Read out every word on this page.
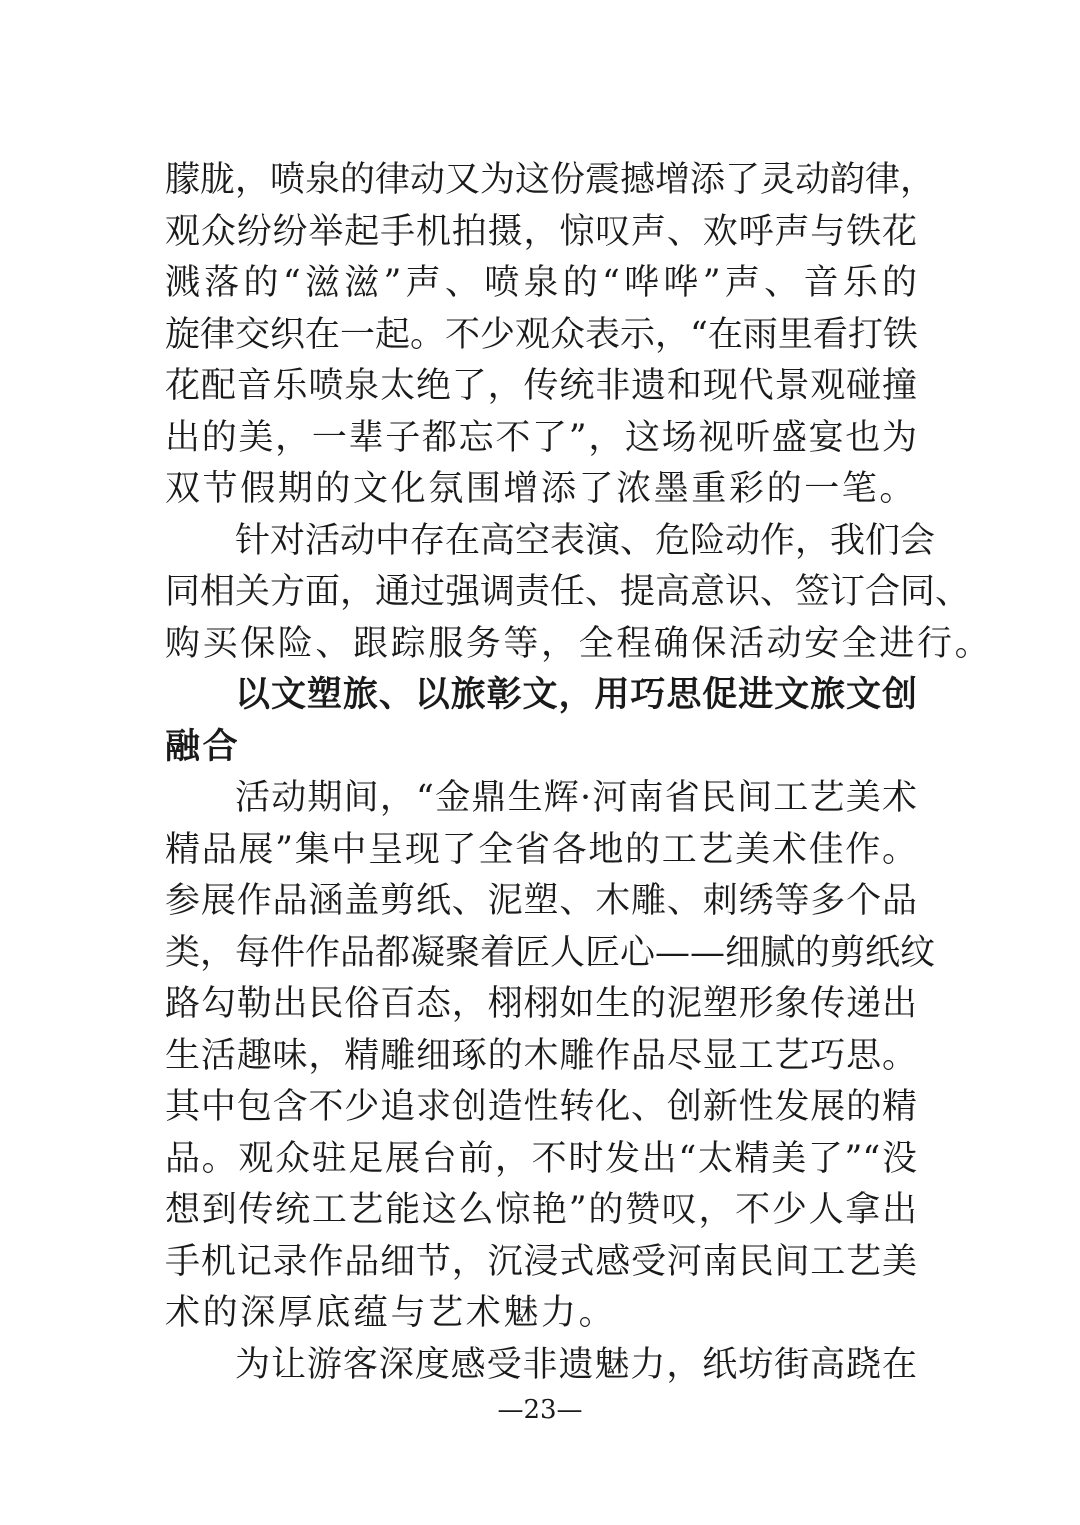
朦胧，喷泉的律动又为这份震撼增添了灵动韵律，
观众纷纷举起手机拍摄，惊叹声、欢呼声与铁花
溅落的“滋滋”声、喷泉的“哗哗”声、音乐的
旋律交织在一起。不少观众表示，“在雨里看打铁
花配音乐喷泉太绝了，传统非遗和现代景观碰撞
出的美，一辈子都忘不了”，这场视听盛宴也为
双节假期的文化氛围增添了浓墨重彩的一笔。
针对活动中存在高空表演、危险动作，我们会
同相关方面，通过强调责任、提高意识、签订合同、
购买保险、跟踪服务等，全程确保活动安全进行。
以文塑旅、以旅彰文，用巧思促进文旅文创
融合
活动期间，“金鼎生辉·河南省民间工艺美术
精品展”集中呈现了全省各地的工艺美术佳作。
参展作品涵盖剪纸、泥塑、木雕、刺绣等多个品
类，每件作品都凝聚着匠人匠心——细腻的剪纸纹
路勾勒出民俗百态，栩栩如生的泥塑形象传递出
生活趣味，精雕细琢的木雕作品尽显工艺巧思。
其中包含不少追求创造性转化、创新性发展的精
品。观众驻足展台前，不时发出“太精美了”“没
想到传统工艺能这么惊艳”的赞叹，不少人拿出
手机记录作品细节，沉浸式感受河南民间工艺美
术的深厚底蕴与艺术魅力。
为让游客深度感受非遗魅力，纸坊街高跷在
—23—
